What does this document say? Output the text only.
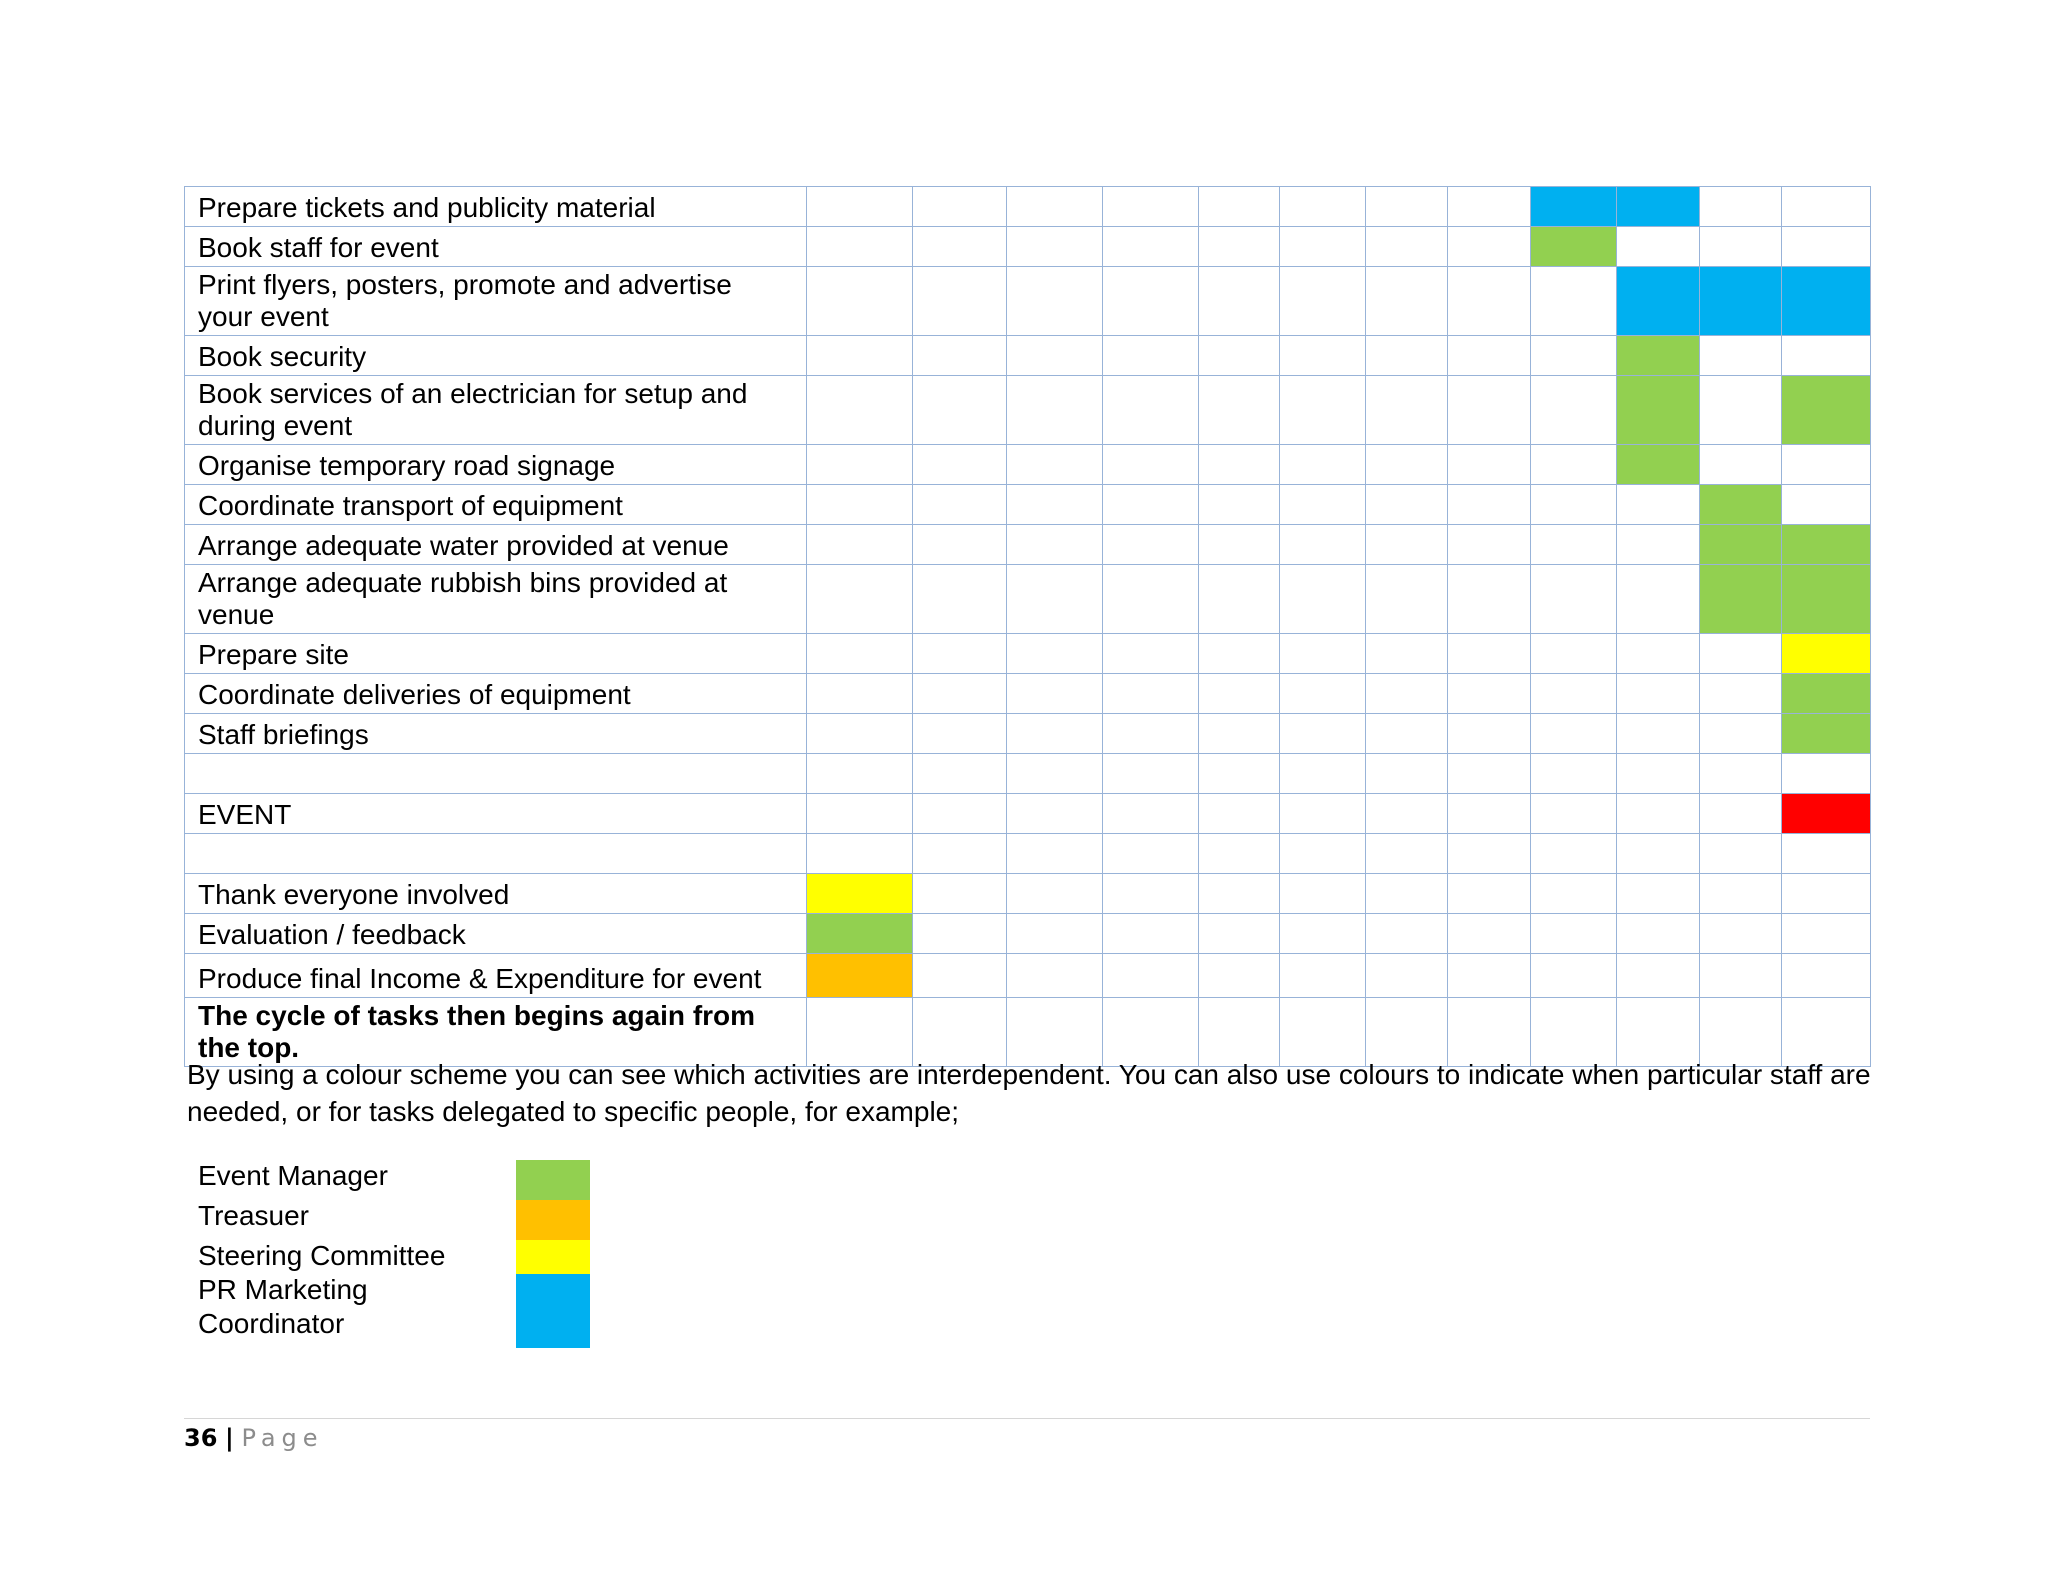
Prepare tickets and publicity material												
Book staff for event												
Print flyers, posters, promote and advertise your event												
Book security												
Book services of an electrician for setup and during event												
Organise temporary road signage												
Coordinate transport of equipment												
Arrange adequate water provided at venue												
Arrange adequate rubbish bins provided at venue												
Prepare site												
Coordinate deliveries of equipment												
Staff briefings												

EVENT												

Thank everyone involved												
Evaluation / feedback												
Produce final Income & Expenditure for event												
The cycle of tasks then begins again from the top.												
By using a colour scheme you can see which activities are interdependent. You can also use colours to indicate when particular staff are needed, or for tasks delegated to specific people, for example;
Event Manager
Treasuer
Steering Committee
PR Marketing
Coordinator
36 | Page
